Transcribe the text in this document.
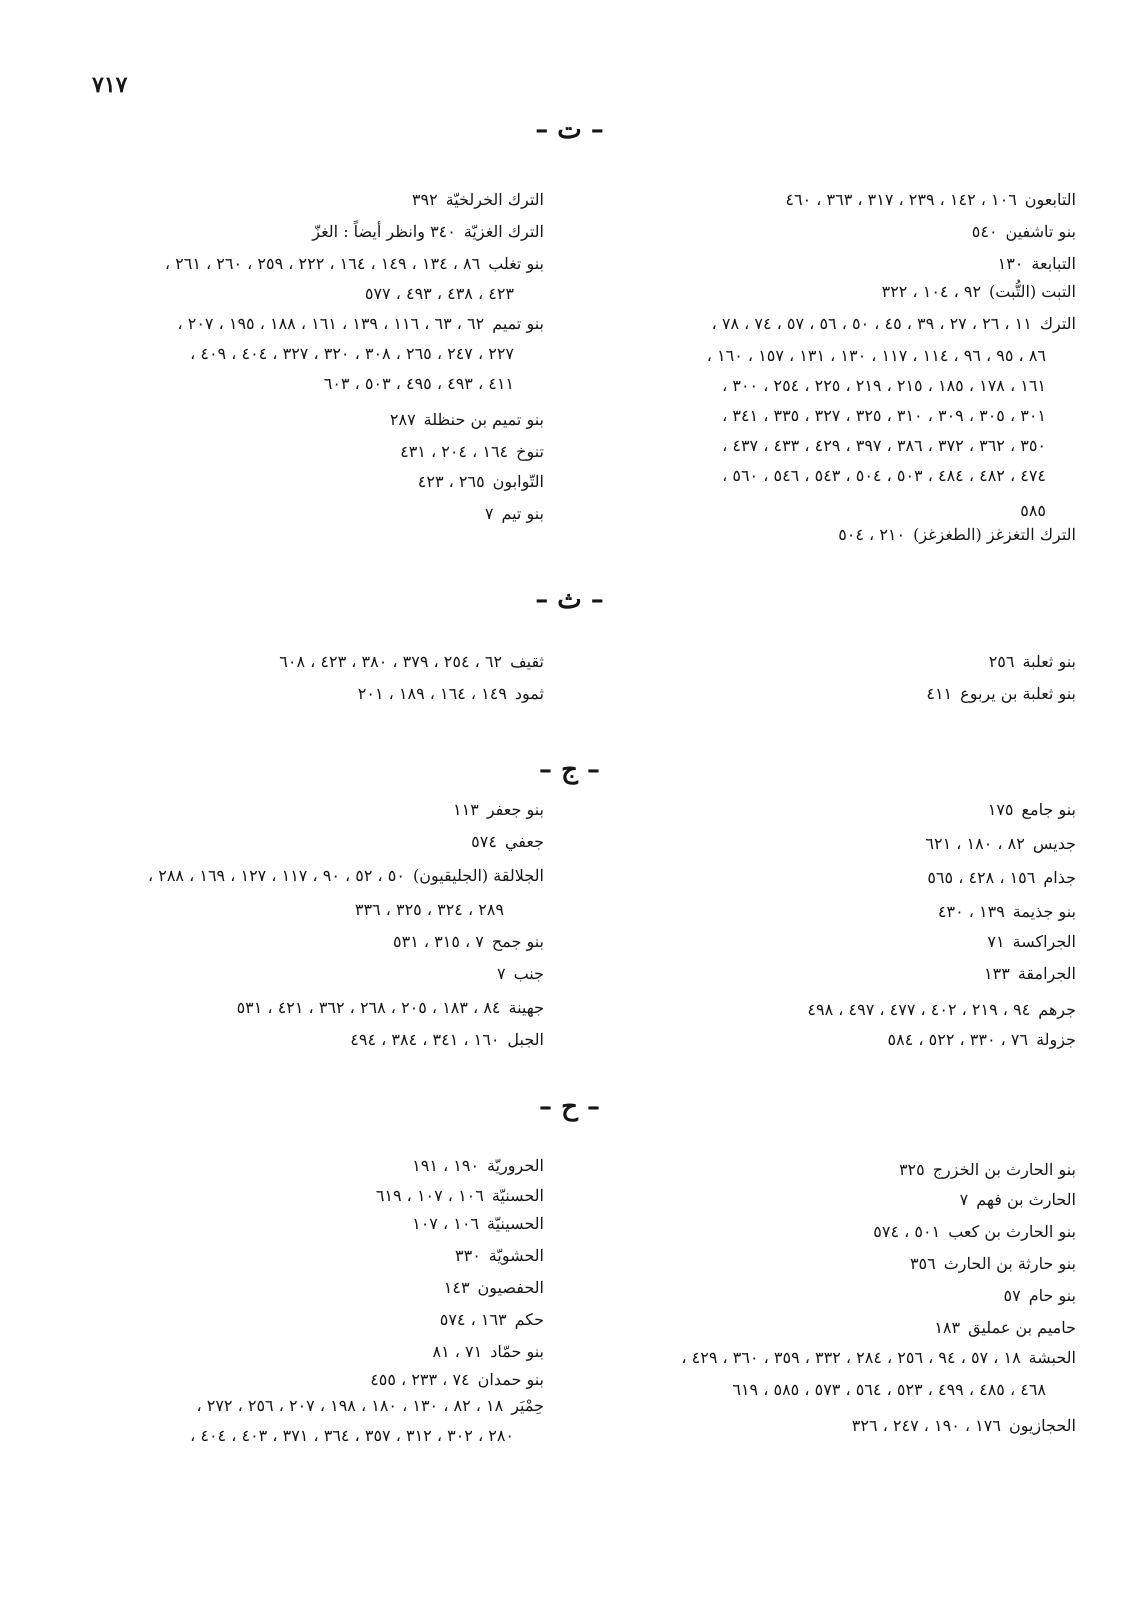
٧١٧
– ت –
التابعون١٠٦ ، ١٤٢ ، ٢٣٩ ، ٣١٧ ، ٣٦٣ ، ٤٦٠
بنو تاشفين٥٤٠
التبابعة١٣٠
التبت (التُّبت)٩٢ ، ١٠٤ ، ٣٢٢
الترك١١ ، ٢٦ ، ٢٧ ، ٣٩ ، ٤٥ ، ٥٠ ، ٥٦ ، ٥٧ ، ٧٤ ، ٧٨ ،
٨٦ ، ٩٥ ، ٩٦ ، ١١٤ ، ١١٧ ، ١٣٠ ، ١٣١ ، ١٥٧ ، ١٦٠ ،
١٦١ ، ١٧٨ ، ١٨٥ ، ٢١٥ ، ٢١٩ ، ٢٢٥ ، ٢٥٤ ، ٣٠٠ ،
٣٠١ ، ٣٠٥ ، ٣٠٩ ، ٣١٠ ، ٣٢٥ ، ٣٢٧ ، ٣٣٥ ، ٣٤١ ،
٣٥٠ ، ٣٦٢ ، ٣٧٢ ، ٣٨٦ ، ٣٩٧ ، ٤٢٩ ، ٤٣٣ ، ٤٣٧ ،
٤٧٤ ، ٤٨٢ ، ٤٨٤ ، ٥٠٣ ، ٥٠٤ ، ٥٤٣ ، ٥٤٦ ، ٥٦٠ ،
٥٨٥
الترك التغزغز (الطغزغز)٢١٠ ، ٥٠٤
الترك الخرلخيّة٣٩٢
الترك الغزيّة٣٤٠ وانظر أيضاً : الغزّ
بنو تغلب٨٦ ، ١٣٤ ، ١٤٩ ، ١٦٤ ، ٢٢٢ ، ٢٥٩ ، ٢٦٠ ، ٢٦١ ،
٤٢٣ ، ٤٣٨ ، ٤٩٣ ، ٥٧٧
بنو تميم٦٢ ، ٦٣ ، ١١٦ ، ١٣٩ ، ١٦١ ، ١٨٨ ، ١٩٥ ، ٢٠٧ ،
٢٢٧ ، ٢٤٧ ، ٢٦٥ ، ٣٠٨ ، ٣٢٠ ، ٣٢٧ ، ٤٠٤ ، ٤٠٩ ،
٤١١ ، ٤٩٣ ، ٤٩٥ ، ٥٠٣ ، ٦٠٣
بنو تميم بن حنظلة٢٨٧
تنوخ١٦٤ ، ٢٠٤ ، ٤٣١
التّوابون٢٦٥ ، ٤٢٣
بنو تيم٧
– ث –
بنو ثعلبة٢٥٦
بنو ثعلبة بن يربوع٤١١
ثقيف٦٢ ، ٢٥٤ ، ٣٧٩ ، ٣٨٠ ، ٤٢٣ ، ٦٠٨
ثمود١٤٩ ، ١٦٤ ، ١٨٩ ، ٢٠١
– ج –
بنو جامع١٧٥
جديس٨٢ ، ١٨٠ ، ٦٢١
جذام١٥٦ ، ٤٢٨ ، ٥٦٥
بنو جذيمة١٣٩ ، ٤٣٠
الجراكسة٧١
الجرامقة١٣٣
جرهم٩٤ ، ٢١٩ ، ٤٠٢ ، ٤٧٧ ، ٤٩٧ ، ٤٩٨
جزولة٧٦ ، ٣٣٠ ، ٥٢٢ ، ٥٨٤
بنو جعفر١١٣
جعفي٥٧٤
الجلالقة (الجليقيون)٥٠ ، ٥٢ ، ٩٠ ، ١١٧ ، ١٢٧ ، ١٦٩ ، ٢٨٨ ،
٢٨٩ ، ٣٢٤ ، ٣٢٥ ، ٣٣٦
بنو جمح٧ ، ٣١٥ ، ٥٣١
جنب٧
جهينة٨٤ ، ١٨٣ ، ٢٠٥ ، ٢٦٨ ، ٣٦٢ ، ٤٢١ ، ٥٣١
الجبل١٦٠ ، ٣٤١ ، ٣٨٤ ، ٤٩٤
– ح –
بنو الحارث بن الخزرج٣٢٥
الحارث بن فهم٧
بنو الحارث بن كعب٥٠١ ، ٥٧٤
بنو حارثة بن الحارث٣٥٦
بنو حام٥٧
حاميم بن عمليق١٨٣
الحبشة١٨ ، ٥٧ ، ٩٤ ، ٢٥٦ ، ٢٨٤ ، ٣٣٢ ، ٣٥٩ ، ٣٦٠ ، ٤٢٩ ،
٤٦٨ ، ٤٨٥ ، ٤٩٩ ، ٥٢٣ ، ٥٦٤ ، ٥٧٣ ، ٥٨٥ ، ٦١٩
الحجازيون١٧٦ ، ١٩٠ ، ٢٤٧ ، ٣٢٦
الحروريّة١٩٠ ، ١٩١
الحسنيّة١٠٦ ، ١٠٧ ، ٦١٩
الحسينيّة١٠٦ ، ١٠٧
الحشويّة٣٣٠
الحفصيون١٤٣
حكم١٦٣ ، ٥٧٤
بنو حمّاد٧١ ، ٨١
بنو حمدان٧٤ ، ٢٣٣ ، ٤٥٥
حِمْيَر١٨ ، ٨٢ ، ١٣٠ ، ١٨٠ ، ١٩٨ ، ٢٠٧ ، ٢٥٦ ، ٢٧٢ ،
٢٨٠ ، ٣٠٢ ، ٣١٢ ، ٣٥٧ ، ٣٦٤ ، ٣٧١ ، ٤٠٣ ، ٤٠٤ ،
